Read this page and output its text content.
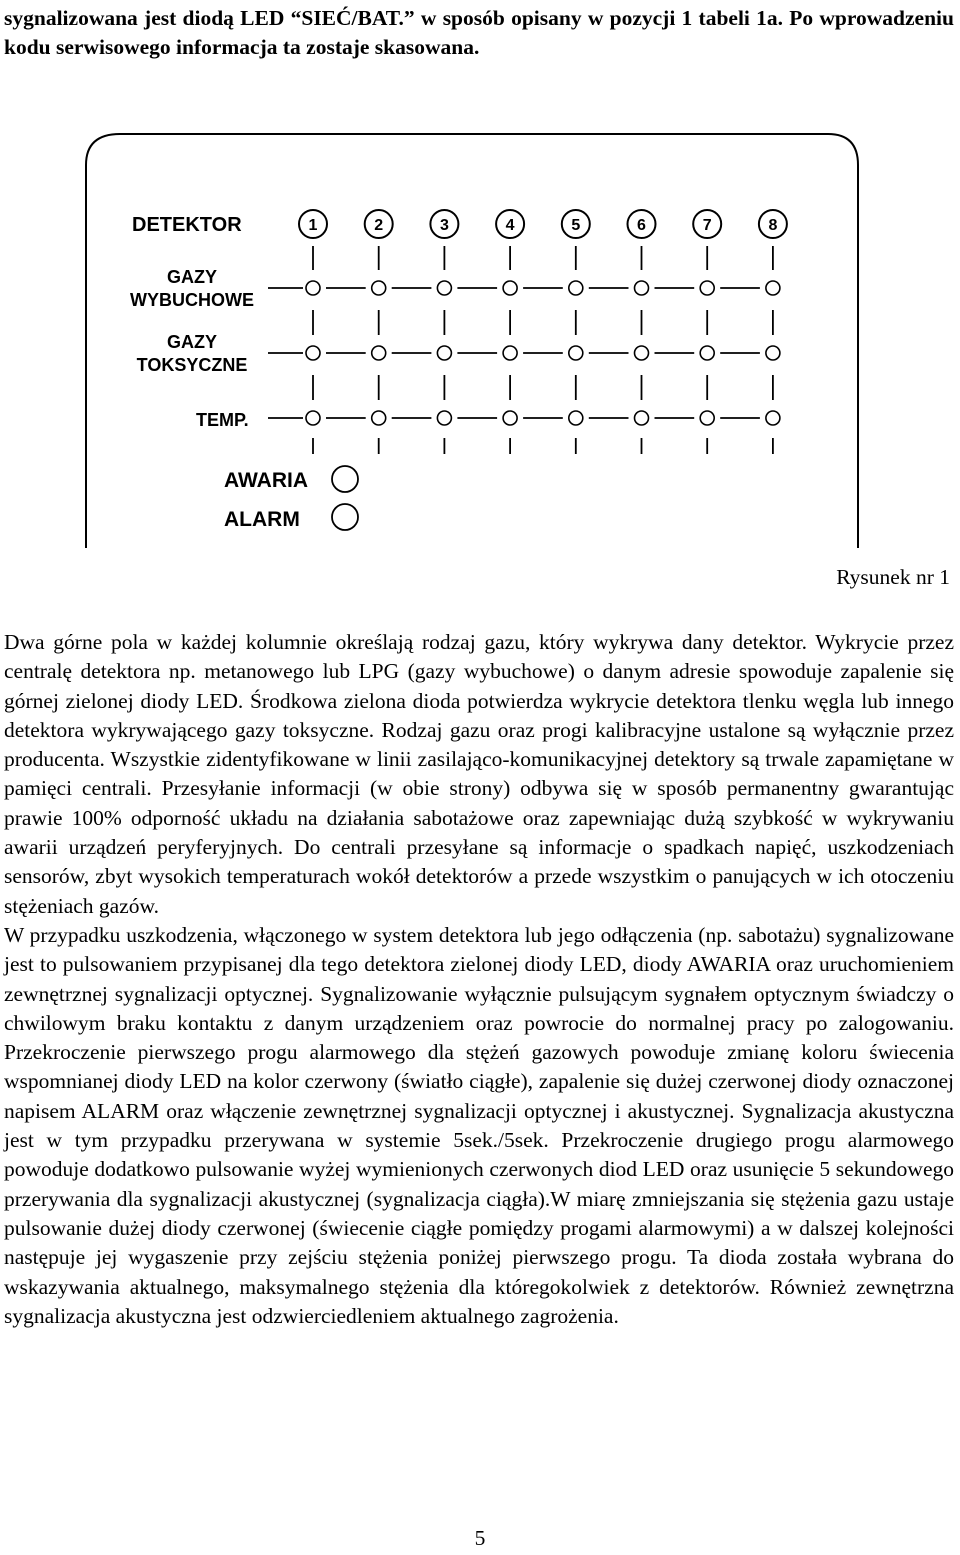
sygnalizowana jest diodą LED “SIEĆ/BAT.” w sposób opisany w pozycji 1 tabeli 1a. Po wprowadzeniu kodu serwisowego informacja ta zostaje skasowana.

DETEKTOR	1	2	3	4	5	6	7	8
GAZY
WYBUCHOWE
GAZY
TOKSYCZNE
TEMP.
AWARIA
ALARM
Rysunek nr 1

Dwa górne pola w każdej kolumnie określają rodzaj gazu, który wykrywa dany detektor. Wykrycie przez centralę detektora np. metanowego lub LPG (gazy wybuchowe) o danym adresie spowoduje zapalenie się górnej zielonej diody LED. Środkowa zielona dioda potwierdza wykrycie detektora tlenku węgla lub innego detektora wykrywającego gazy toksyczne. Rodzaj gazu oraz progi kalibracyjne ustalone są wyłącznie przez producenta. Wszystkie zidentyfikowane w linii zasilająco-komunikacyjnej detektory są trwale zapamiętane w pamięci centrali. Przesyłanie informacji (w obie strony) odbywa się w sposób permanentny gwarantując prawie 100% odporność układu na działania sabotażowe oraz zapewniając dużą szybkość w wykrywaniu awarii urządzeń peryferyjnych. Do centrali przesyłane są informacje o spadkach napięć, uszkodzeniach sensorów, zbyt wysokich temperaturach wokół detektorów a przede wszystkim o panujących w ich otoczeniu stężeniach gazów.

W przypadku uszkodzenia, włączonego w system detektora lub jego odłączenia (np. sabotażu) sygnalizowane jest to pulsowaniem przypisanej dla tego detektora zielonej diody LED, diody AWARIA oraz uruchomieniem zewnętrznej sygnalizacji optycznej. Sygnalizowanie wyłącznie pulsującym sygnałem optycznym świadczy o chwilowym braku kontaktu z danym urządzeniem oraz powrocie do normalnej pracy po zalogowaniu. Przekroczenie pierwszego progu alarmowego dla stężeń gazowych powoduje zmianę koloru świecenia wspomnianej diody LED na kolor czerwony (światło ciągłe), zapalenie się dużej czerwonej diody oznaczonej napisem ALARM oraz włączenie zewnętrznej sygnalizacji optycznej i akustycznej. Sygnalizacja akustyczna jest w tym przypadku przerywana w systemie 5sek./5sek. Przekroczenie drugiego progu alarmowego powoduje dodatkowo pulsowanie wyżej wymienionych czerwonych diod LED oraz usunięcie 5 sekundowego przerywania dla sygnalizacji akustycznej (sygnalizacja ciągła).W miarę zmniejszania się stężenia gazu ustaje pulsowanie dużej diody czerwonej (świecenie ciągłe pomiędzy progami alarmowymi) a w dalszej kolejności następuje jej wygaszenie przy zejściu stężenia poniżej pierwszego progu. Ta dioda została wybrana do wskazywania aktualnego, maksymalnego stężenia dla któregokolwiek z detektorów. Również zewnętrzna sygnalizacja akustyczna jest odzwierciedleniem aktualnego zagrożenia.

5
